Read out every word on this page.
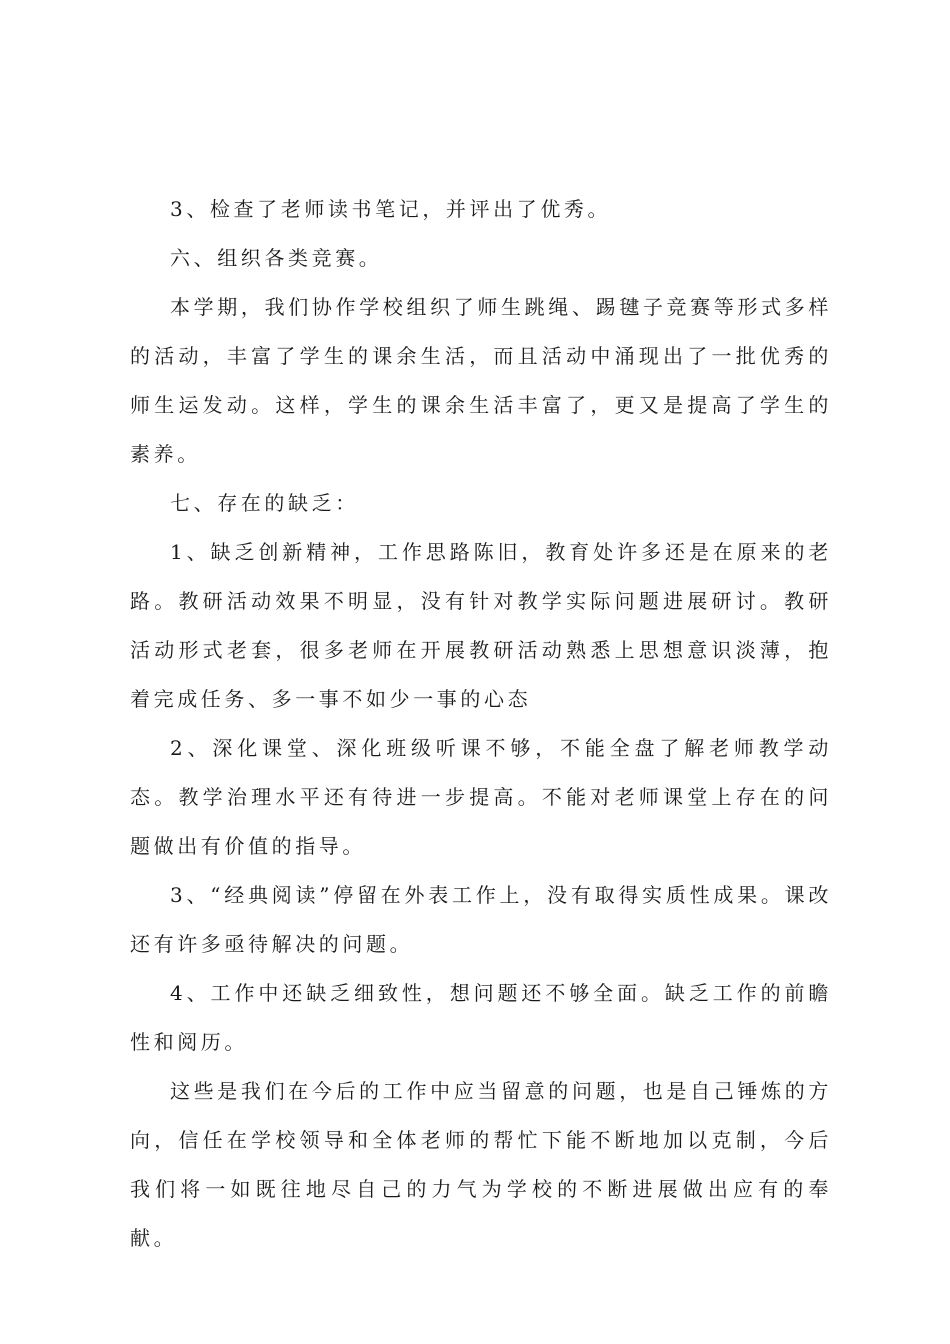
3、检查了老师读书笔记，并评出了优秀。

六、组织各类竞赛。

本学期，我们协作学校组织了师生跳绳、踢毽子竞赛等形式多样的活动，丰富了学生的课余生活，而且活动中涌现出了一批优秀的师生运发动。这样，学生的课余生活丰富了，更又是提高了学生的素养。

七、存在的缺乏：

1、缺乏创新精神，工作思路陈旧，教育处许多还是在原来的老路。教研活动效果不明显，没有针对教学实际问题进展研讨。教研活动形式老套，很多老师在开展教研活动熟悉上思想意识淡薄，抱着完成任务、多一事不如少一事的心态

2、深化课堂、深化班级听课不够，不能全盘了解老师教学动态。教学治理水平还有待进一步提高。不能对老师课堂上存在的问题做出有价值的指导。

3、“经典阅读”停留在外表工作上，没有取得实质性成果。课改还有许多亟待解决的问题。

4、工作中还缺乏细致性，想问题还不够全面。缺乏工作的前瞻性和阅历。

这些是我们在今后的工作中应当留意的问题，也是自己锤炼的方向，信任在学校领导和全体老师的帮忙下能不断地加以克制，今后我们将一如既往地尽自己的力气为学校的不断进展做出应有的奉献。
